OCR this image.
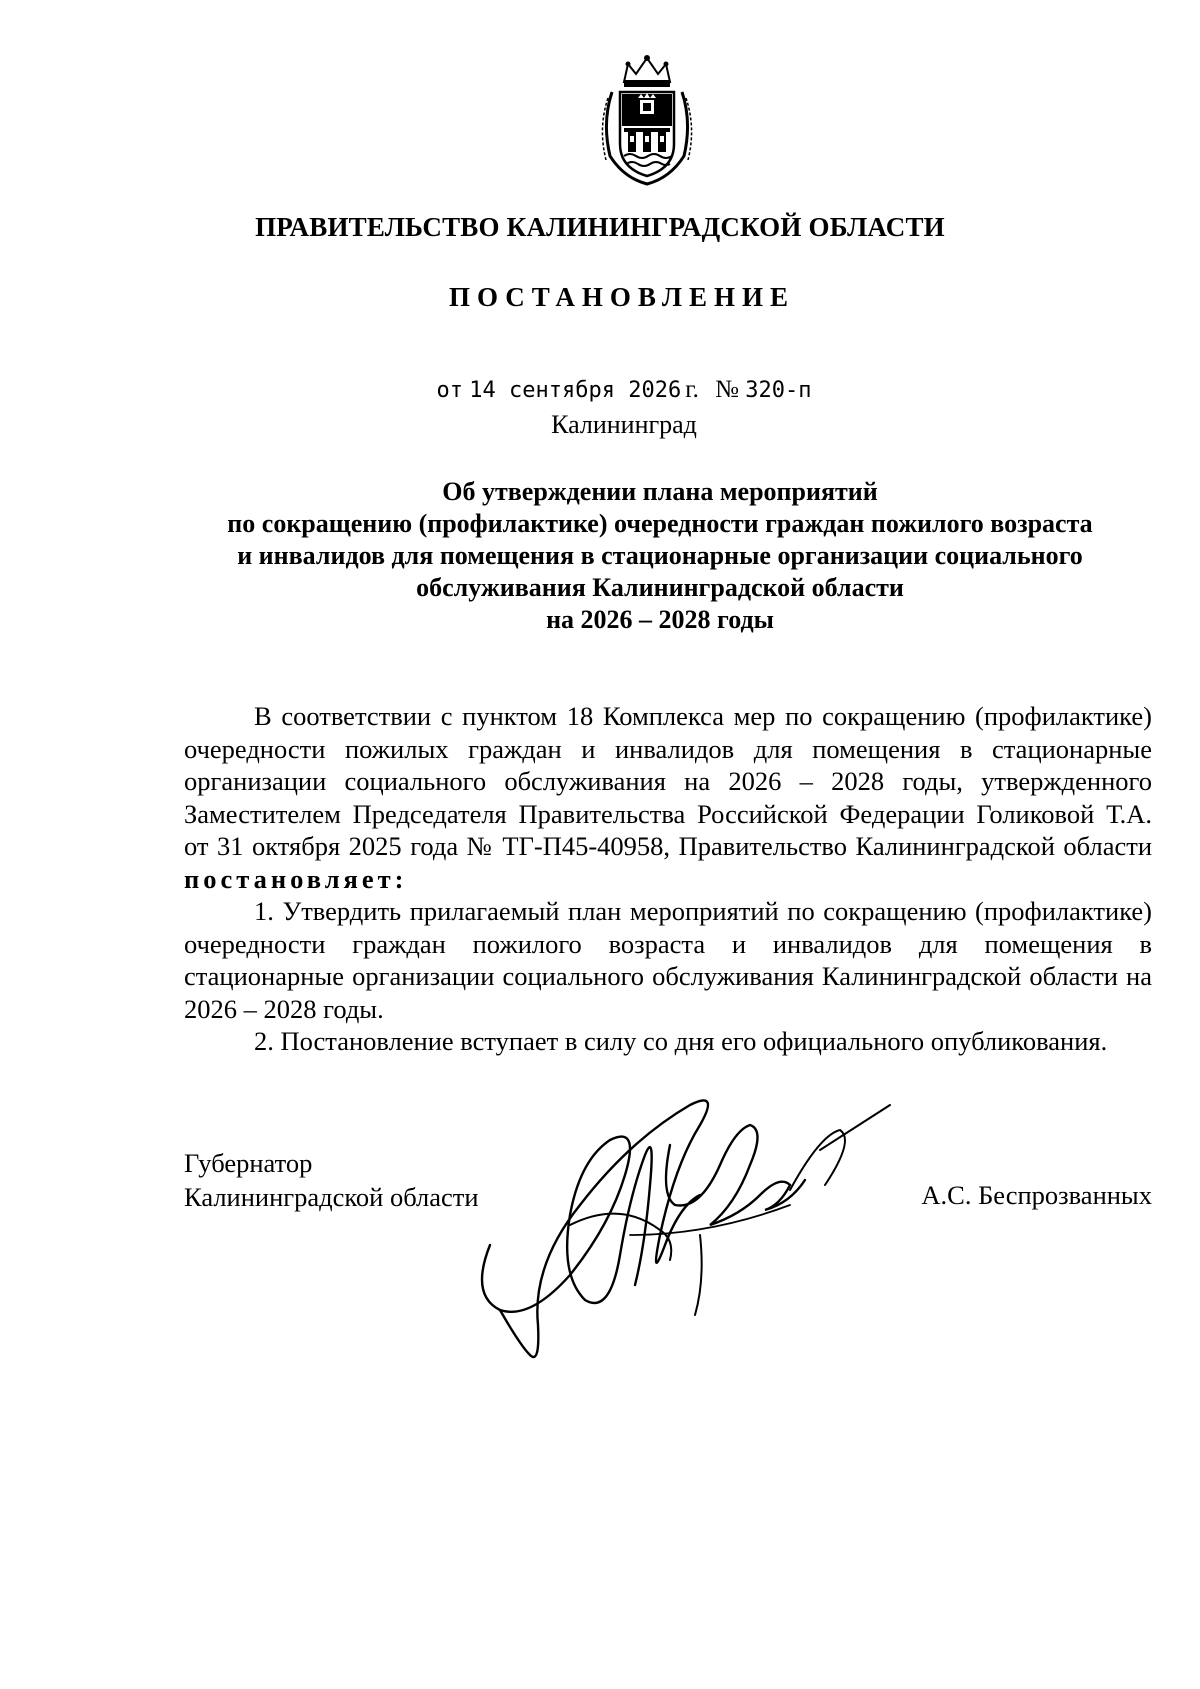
ПРАВИТЕЛЬСТВО КАЛИНИНГРАДСКОЙ ОБЛАСТИ
ПОСТАНОВЛЕНИЕ
от 14 сентября 2026 г. № 320-п
Калининград
Об утверждении плана мероприятий
по сокращению (профилактике) очередности граждан пожилого возраста
и инвалидов для помещения в стационарные организации социального
обслуживания Калининградской области
на 2026 – 2028 годы

В соответствии с пунктом 18 Комплекса мер по сокращению (профилактике) очередности пожилых граждан и инвалидов для помещения в стационарные организации социального обслуживания на 2026 – 2028 годы, утвержденного Заместителем Председателя Правительства Российской Федерации Голиковой Т.А. от 31 октября 2025 года № ТГ-П45-40958, Правительство Калининградской области постановляет:

1. Утвердить прилагаемый план мероприятий по сокращению (профилактике) очередности граждан пожилого возраста и инвалидов для помещения в стационарные организации социального обслуживания Калининградской области на 2026 – 2028 годы.

2. Постановление вступает в силу со дня его официального опубликования.

Губернатор
Калининградской области	А.С. Беспрозванных
